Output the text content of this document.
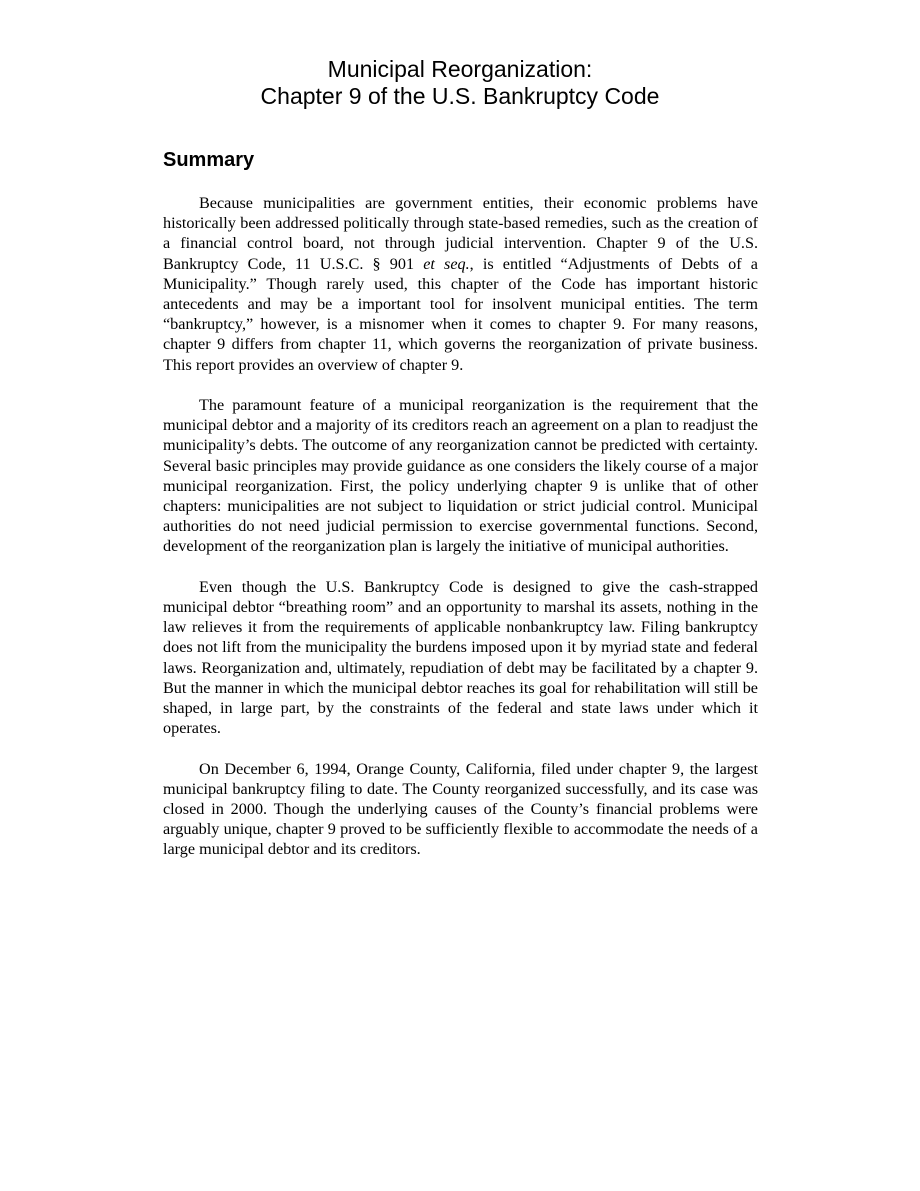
Municipal Reorganization:
Chapter 9 of the U.S. Bankruptcy Code
Summary

Because municipalities are government entities, their economic problems have historically been addressed politically through state-based remedies, such as the creation of a financial control board, not through judicial intervention. Chapter 9 of the U.S. Bankruptcy Code, 11 U.S.C. § 901 et seq., is entitled “Adjustments of Debts of a Municipality.” Though rarely used, this chapter of the Code has important historic antecedents and may be a important tool for insolvent municipal entities. The term “bankruptcy,” however, is a misnomer when it comes to chapter 9. For many reasons, chapter 9 differs from chapter 11, which governs the reorganization of private business. This report provides an overview of chapter 9.

The paramount feature of a municipal reorganization is the requirement that the municipal debtor and a majority of its creditors reach an agreement on a plan to readjust the municipality’s debts. The outcome of any reorganization cannot be predicted with certainty. Several basic principles may provide guidance as one considers the likely course of a major municipal reorganization. First, the policy underlying chapter 9 is unlike that of other chapters: municipalities are not subject to liquidation or strict judicial control. Municipal authorities do not need judicial permission to exercise governmental functions. Second, development of the reorganization plan is largely the initiative of municipal authorities.

Even though the U.S. Bankruptcy Code is designed to give the cash-strapped municipal debtor “breathing room” and an opportunity to marshal its assets, nothing in the law relieves it from the requirements of applicable nonbankruptcy law. Filing bankruptcy does not lift from the municipality the burdens imposed upon it by myriad state and federal laws. Reorganization and, ultimately, repudiation of debt may be facilitated by a chapter 9. But the manner in which the municipal debtor reaches its goal for rehabilitation will still be shaped, in large part, by the constraints of the federal and state laws under which it operates.

On December 6, 1994, Orange County, California, filed under chapter 9, the largest municipal bankruptcy filing to date. The County reorganized successfully, and its case was closed in 2000. Though the underlying causes of the County’s financial problems were arguably unique, chapter 9 proved to be sufficiently flexible to accommodate the needs of a large municipal debtor and its creditors.
